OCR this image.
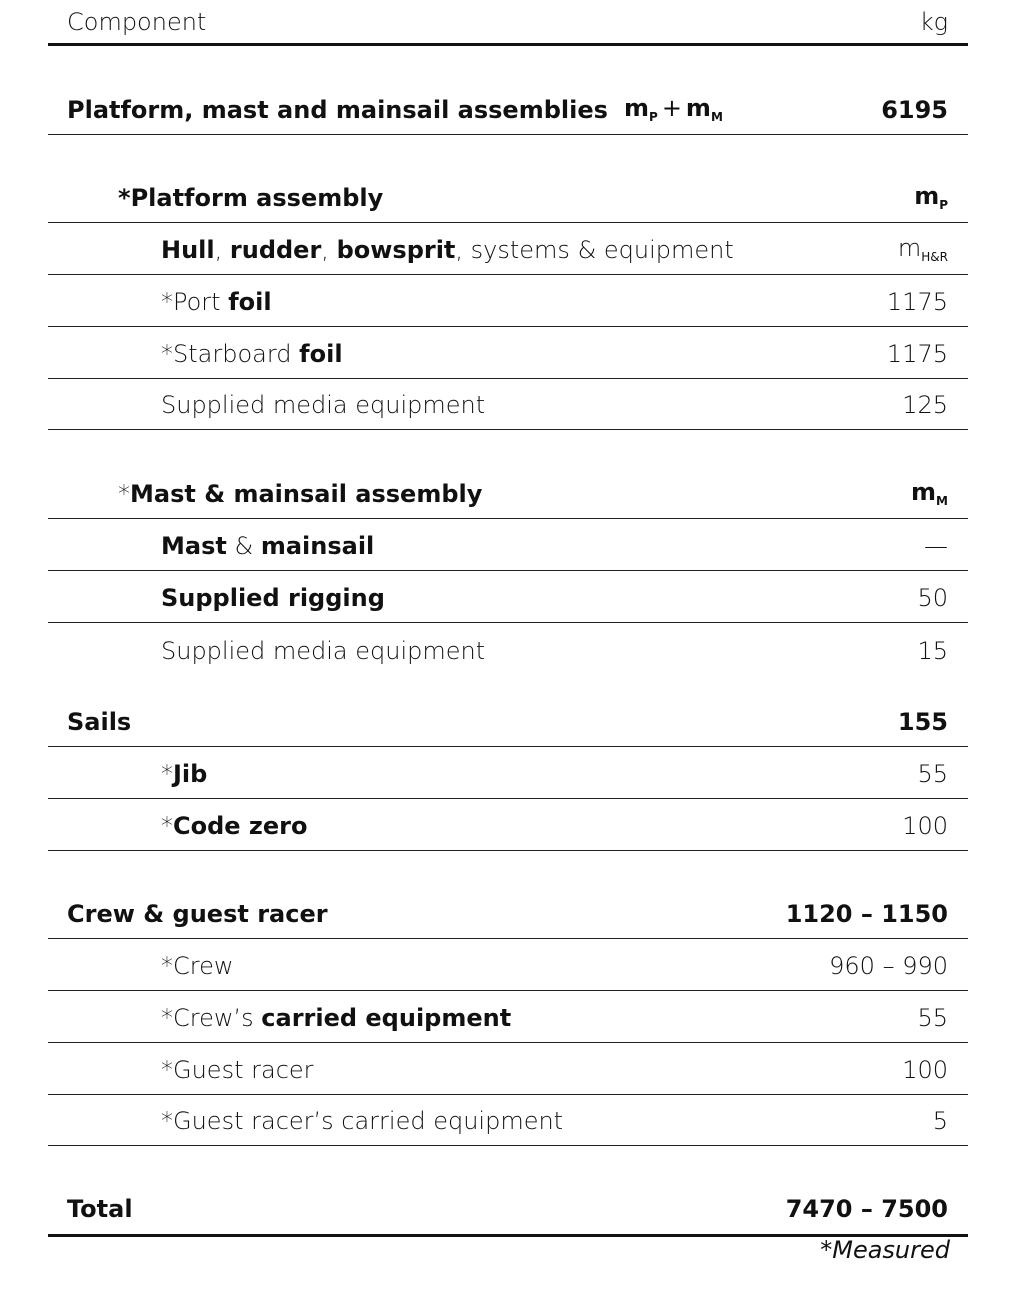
Component	kg
Platform, mast and mainsail assemblies $m_P + m_M$	6195
*Platform assembly	$m_P$
Hull, rudder, bowsprit, systems & equipment	$m_{H\&R}$
*Port foil	1175
*Starboard foil	1175
Supplied media equipment	125
*Mast & mainsail assembly	$m_M$
Mast & mainsail	—
Supplied rigging	50
Supplied media equipment	15
Sails	155
*Jib	55
*Code zero	100
Crew & guest racer	1120 – 1150
*Crew	960 – 990
*Crew’s carried equipment	55
*Guest racer	100
*Guest racer’s carried equipment	5
Total	7470 – 7500
*Measured
